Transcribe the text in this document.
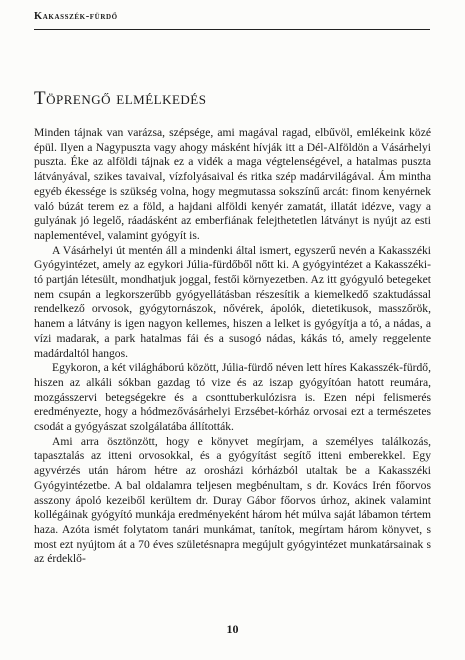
Kakasszék-fürdő
Töprengő elmélkedés

Minden tájnak van varázsa, szépsége, ami magával ragad, elbűvöl, emlékeink közé épül. Ilyen a Nagypuszta vagy ahogy másként hívják itt a Dél-Alföldön a Vásárhelyi puszta. Éke az alföldi tájnak ez a vidék a maga végtelenségével, a hatalmas puszta látványával, szikes tavaival, vízfolyásaival és ritka szép madárvilágával. Ám mintha egyéb ékessége is szükség volna, hogy megmutassa sokszínű arcát: finom kenyérnek való búzát terem ez a föld, a hajdani alföldi kenyér zamatát, illatát idézve, vagy a gulyának jó legelő, ráadásként az emberfiának felejthetetlen látványt is nyújt az esti naplementével, valamint gyógyít is.

A Vásárhelyi út mentén áll a mindenki által ismert, egyszerű nevén a Kakasszéki Gyógyintézet, amely az egykori Júlia-fürdőből nőtt ki. A gyógyintézet a Kakasszéki-tó partján létesült, mondhatjuk joggal, festői környezetben. Az itt gyógyuló betegeket nem csupán a legkorszerűbb gyógyellátásban részesítik a kiemelkedő szaktudással rendelkező orvosok, gyógytornászok, nővérek, ápolók, dietetikusok, masszőrök, hanem a látvány is igen nagyon kellemes, hiszen a lelket is gyógyítja a tó, a nádas, a vízi madarak, a park hatalmas fái és a susogó nádas, kákás tó, amely reggelente madárdaltól hangos.

Egykoron, a két világháború között, Júlia-fürdő néven lett híres Kakasszék-fürdő, hiszen az alkáli sókban gazdag tó vize és az iszap gyógyítóan hatott reumára, mozgásszervi betegségekre és a csonttuberkulózisra is. Ezen népi felismerés eredményezte, hogy a hódmezővásárhelyi Erzsébet-kórház orvosai ezt a természetes csodát a gyógyászat szolgálatába állították.

Ami arra ösztönzött, hogy e könyvet megírjam, a személyes találkozás, tapasztalás az itteni orvosokkal, és a gyógyítást segítő itteni emberekkel. Egy agyvérzés után három hétre az orosházi kórházból utaltak be a Kakasszéki Gyógyintézetbe. A bal oldalamra teljesen megbénultam, s dr. Kovács Irén főorvos asszony ápoló kezeiből kerültem dr. Duray Gábor főorvos úrhoz, akinek valamint kollégáinak gyógyító munkája eredményeként három hét múlva saját lábamon tértem haza. Azóta ismét folytatom tanári munkámat, tanítok, megírtam három könyvet, s most ezt nyújtom át a 70 éves születésnapra megújult gyógyintézet munkatársainak s az érdeklő-

10
